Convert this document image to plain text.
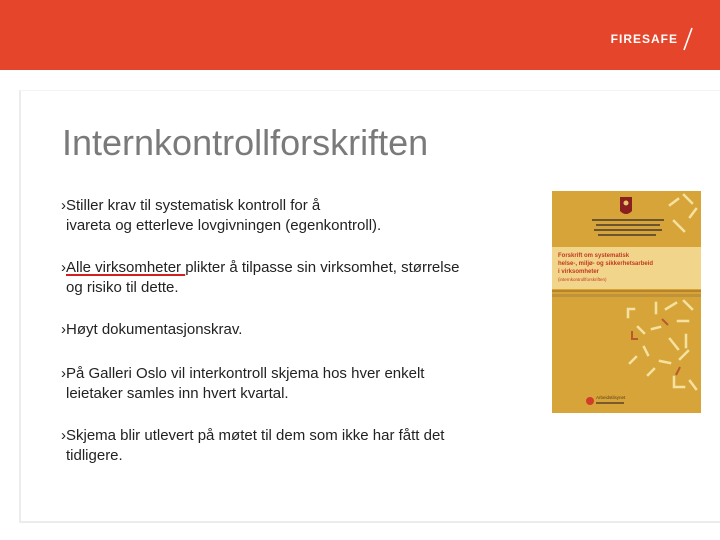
FIRESAFE
Internkontrollforskriften
›Stiller krav til systematisk kontroll for å
ivareta og etterleve lovgivningen (egenkontroll).
›Alle virksomheter plikter å tilpasse sin virksomhet, størrelse
og risiko til dette.
›Høyt dokumentasjonskrav.
›På Galleri Oslo vil interkontroll skjema hos hver enkelt
leietaker samles inn hvert kvartal.
›Skjema blir utlevert på møtet til dem som ikke har fått det
tidligere.
Forskrift om systematisk
helse-, miljø- og sikkerhetsarbeid
i virksomheter
(internkontrollforskriften)
Arbeidstilsynet
